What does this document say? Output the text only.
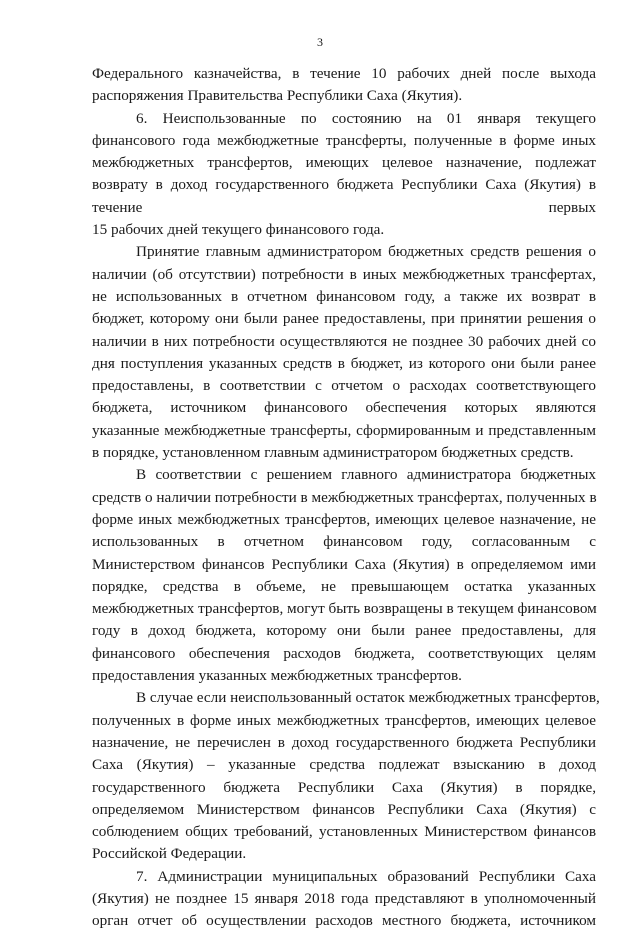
3
Федерального казначейства, в течение 10 рабочих дней после выхода
распоряжения Правительства Республики Саха (Якутия).
6. Неиспользованные по состоянию на 01 января текущего
финансового года межбюджетные трансферты, полученные в форме иных
межбюджетных трансфертов, имеющих целевое назначение, подлежат
возврату в доход государственного бюджета Республики Саха (Якутия) в
течение первых
15 рабочих дней текущего финансового года.
Принятие главным администратором бюджетных средств решения о
наличии (об отсутствии) потребности в иных межбюджетных трансфертах,
не использованных в отчетном финансовом году, а также их возврат в
бюджет, которому они были ранее предоставлены, при принятии решения о
наличии в них потребности осуществляются не позднее 30 рабочих дней со
дня поступления указанных средств в бюджет, из которого они были ранее
предоставлены, в соответствии с отчетом о расходах соответствующего
бюджета, источником финансового обеспечения которых являются
указанные межбюджетные трансферты, сформированным и представленным
в порядке, установленном главным администратором бюджетных средств.
В соответствии с решением главного администратора бюджетных
средств о наличии потребности в межбюджетных трансфертах, полученных в
форме иных межбюджетных трансфертов, имеющих целевое назначение, не
использованных в отчетном финансовом году, согласованным с
Министерством финансов Республики Саха (Якутия) в определяемом ими
порядке, средства в объеме, не превышающем остатка указанных
межбюджетных трансфертов, могут быть возвращены в текущем финансовом
году в доход бюджета, которому они были ранее предоставлены, для
финансового обеспечения расходов бюджета, соответствующих целям
предоставления указанных межбюджетных трансфертов.
В случае если неиспользованный остаток межбюджетных трансфертов,
полученных в форме иных межбюджетных трансфертов, имеющих целевое
назначение, не перечислен в доход государственного бюджета Республики
Саха (Якутия) – указанные средства подлежат взысканию в доход
государственного бюджета Республики Саха (Якутия) в порядке,
определяемом Министерством финансов Республики Саха (Якутия) с
соблюдением общих требований, установленных Министерством финансов
Российской Федерации.
7. Администрации муниципальных образований Республики Саха
(Якутия) не позднее 15 января 2018 года представляют в уполномоченный
орган отчет об осуществлении расходов местного бюджета, источником
